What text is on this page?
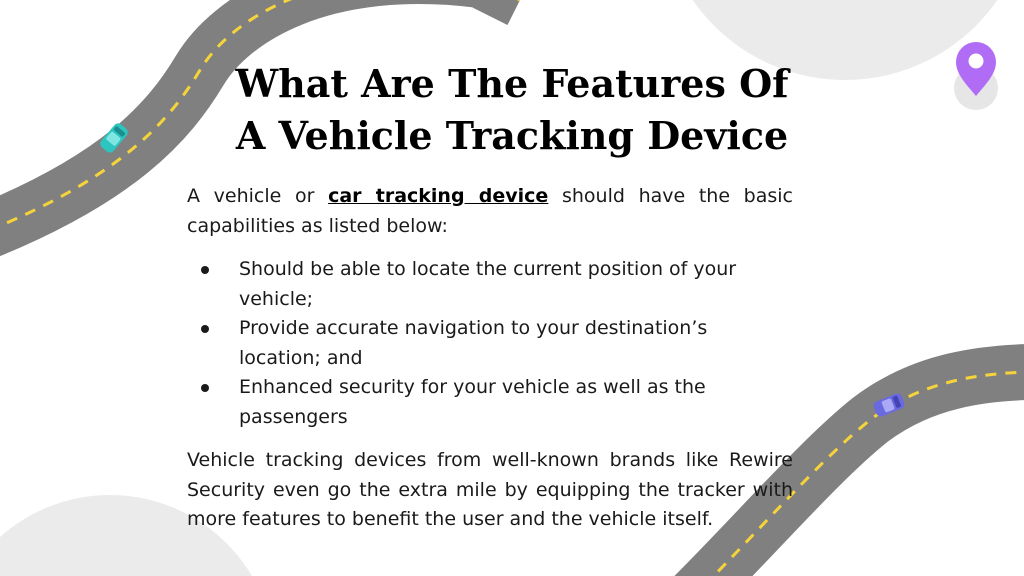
What Are The Features Of
A Vehicle Tracking Device

A vehicle or car tracking device should have the basic capabilities as listed below:

Should be able to locate the current position of your vehicle;
Provide accurate navigation to your destination’s location; and
Enhanced security for your vehicle as well as the passengers

Vehicle tracking devices from well-known brands like Rewire Security even go the extra mile by equipping the tracker with more features to benefit the user and the vehicle itself.
